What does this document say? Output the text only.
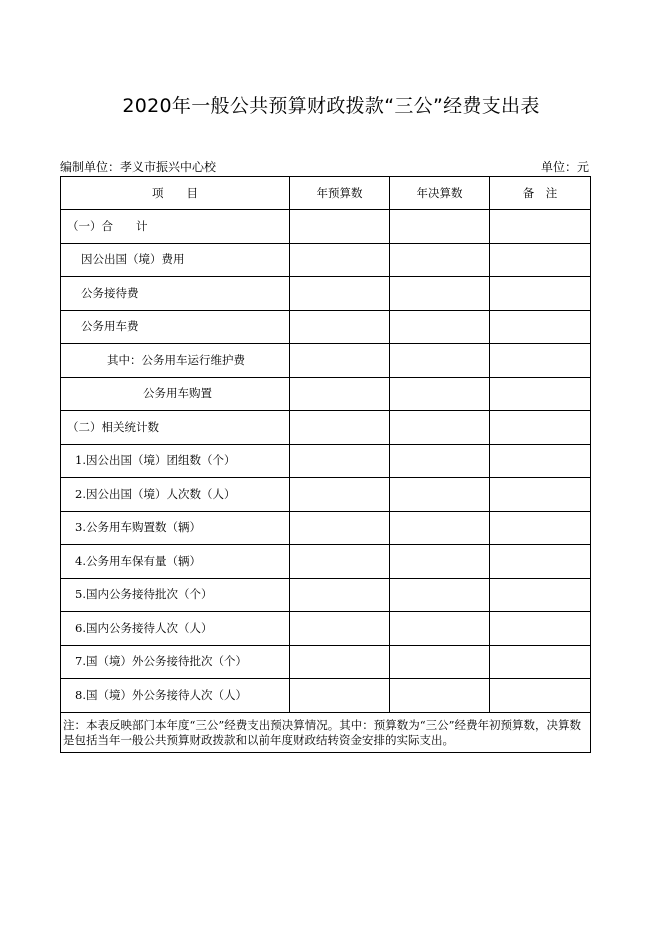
2020年一般公共预算财政拨款“三公”经费支出表
编制单位：孝义市振兴中心校	单位：元
项　　目	年预算数	年决算数	备　注
（一）合　　计			
因公出国（境）费用			
公务接待费			
公务用车费			
其中：公务用车运行维护费			
公务用车购置			
（二）相关统计数			
1.因公出国（境）团组数（个）			
2.因公出国（境）人次数（人）			
3.公务用车购置数（辆）			
4.公务用车保有量（辆）			
5.国内公务接待批次（个）			
6.国内公务接待人次（人）			
7.国（境）外公务接待批次（个）			
8.国（境）外公务接待人次（人）			
注：本表反映部门本年度“三公”经费支出预决算情况。其中：预算数为“三公”经费年初预算数，决算数是包括当年一般公共预算财政拨款和以前年度财政结转资金安排的实际支出。			
